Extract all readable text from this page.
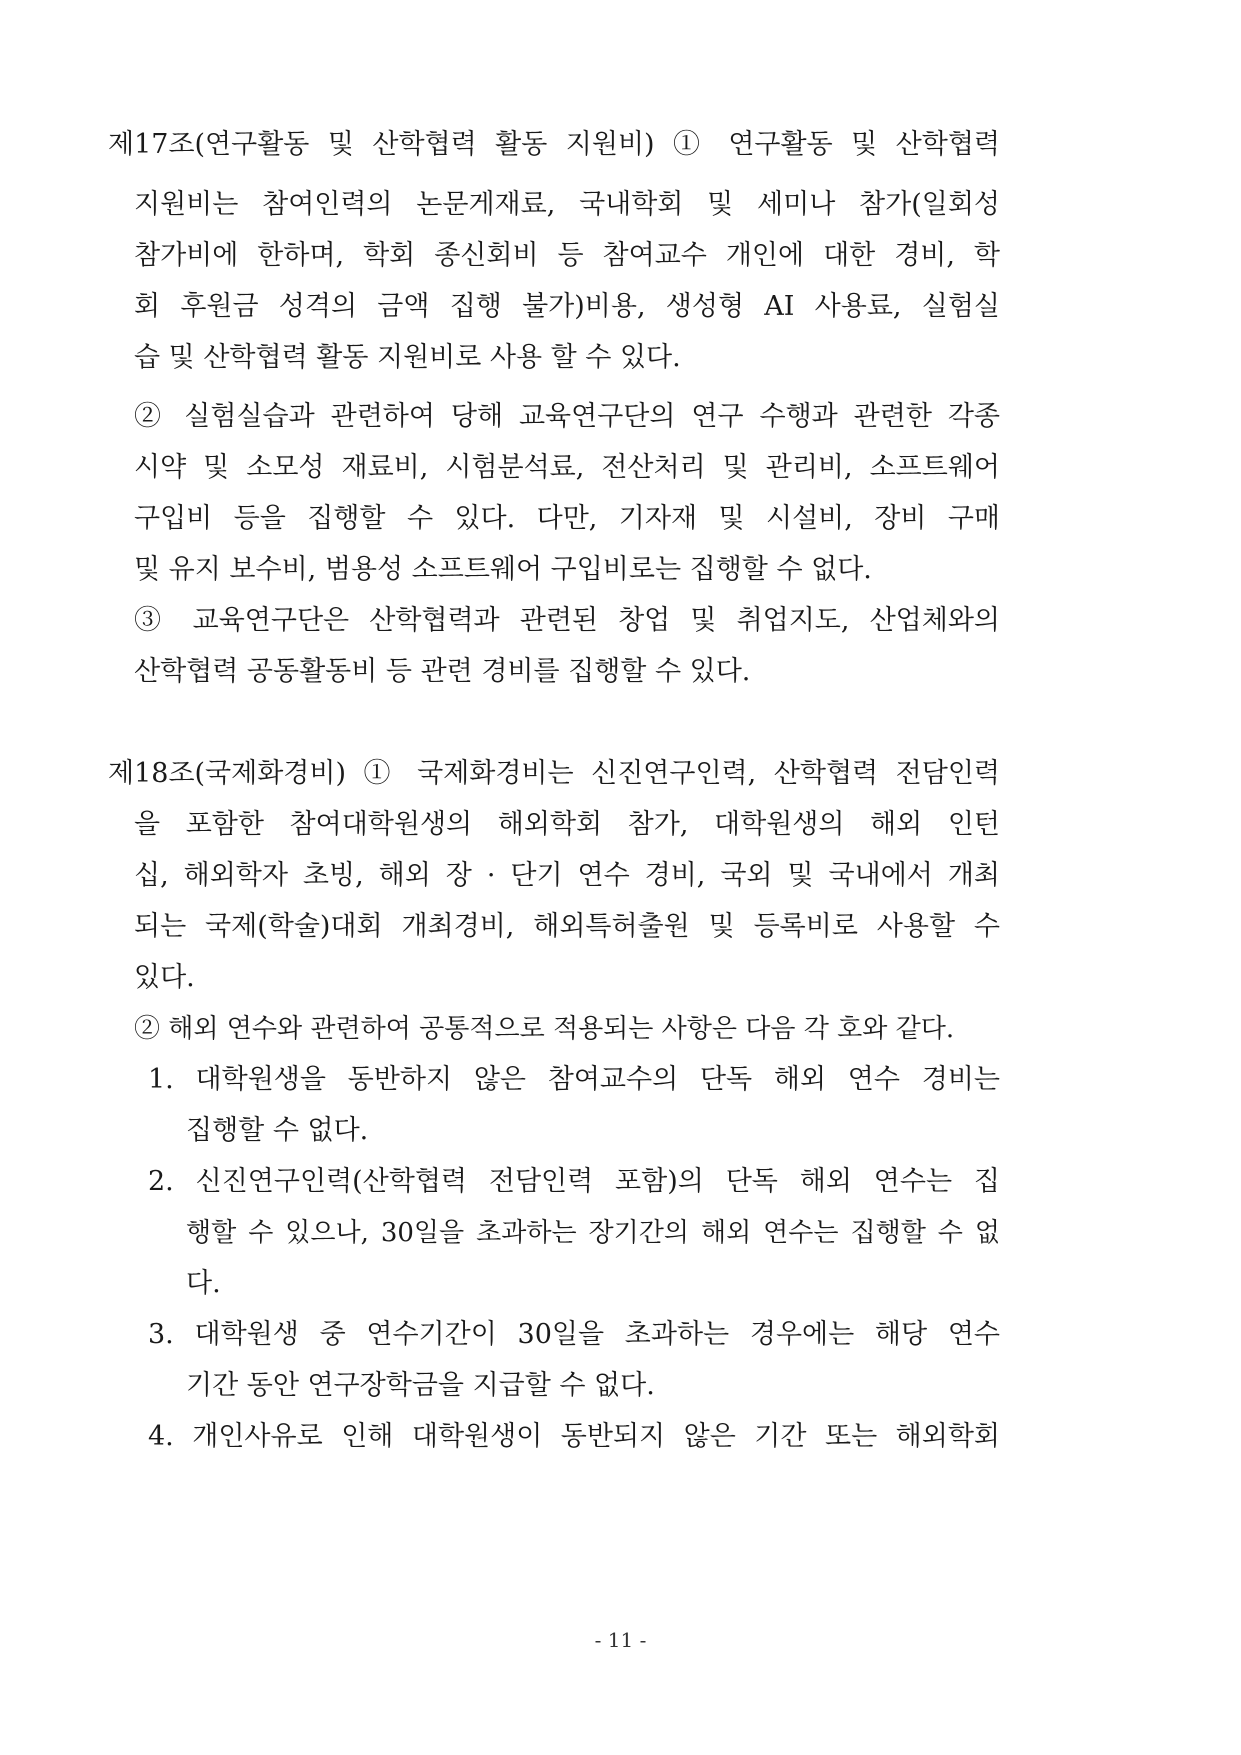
제17조(연구활동 및 산학협력 활동 지원비) ① 연구활동 및 산학협력
지원비는 참여인력의 논문게재료, 국내학회 및 세미나 참가(일회성
참가비에 한하며, 학회 종신회비 등 참여교수 개인에 대한 경비, 학
회 후원금 성격의 금액 집행 불가)비용, 생성형 AI 사용료, 실험실
습 및 산학협력 활동 지원비로 사용 할 수 있다.
② 실험실습과 관련하여 당해 교육연구단의 연구 수행과 관련한 각종
시약 및 소모성 재료비, 시험분석료, 전산처리 및 관리비, 소프트웨어
구입비 등을 집행할 수 있다. 다만, 기자재 및 시설비, 장비 구매
및 유지 보수비, 범용성 소프트웨어 구입비로는 집행할 수 없다.
③ 교육연구단은 산학협력과 관련된 창업 및 취업지도, 산업체와의
산학협력 공동활동비 등 관련 경비를 집행할 수 있다.
제18조(국제화경비) ① 국제화경비는 신진연구인력, 산학협력 전담인력
을 포함한 참여대학원생의 해외학회 참가, 대학원생의 해외 인턴
십, 해외학자 초빙, 해외 장 · 단기 연수 경비, 국외 및 국내에서 개최
되는 국제(학술)대회 개최경비, 해외특허출원 및 등록비로 사용할 수
있다.
② 해외 연수와 관련하여 공통적으로 적용되는 사항은 다음 각 호와 같다.
1. 대학원생을 동반하지 않은 참여교수의 단독 해외 연수 경비는
집행할 수 없다.
2. 신진연구인력(산학협력 전담인력 포함)의 단독 해외 연수는 집
행할 수 있으나, 30일을 초과하는 장기간의 해외 연수는 집행할 수 없
다.
3. 대학원생 중 연수기간이 30일을 초과하는 경우에는 해당 연수
기간 동안 연구장학금을 지급할 수 없다.
4. 개인사유로 인해 대학원생이 동반되지 않은 기간 또는 해외학회
- 11 -
